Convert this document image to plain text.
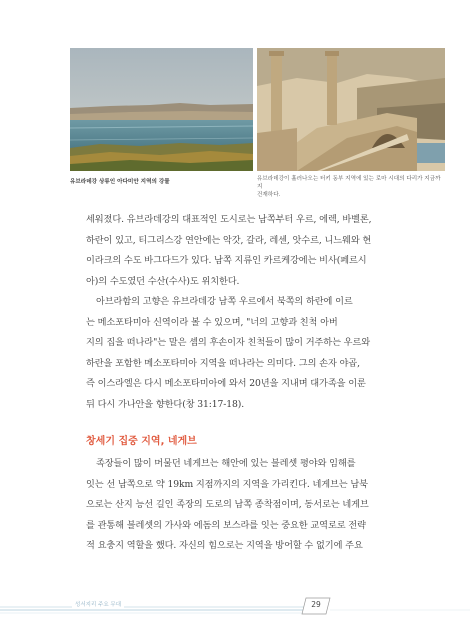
유브라데강 상류인 아다미안 지역의 강물	유브라데강이 흘러나오는 터키 동부 지역에 있는 로마 시대의 다리가 지금까지
건재하다.

세워졌다. 유브라데강의 대표적인 도시로는 남쪽부터 우르, 에렉, 바벨론,
하란이 있고, 티그리스강 연안에는 악갓, 갈라, 레센, 앗수르, 니느웨와 현
이라크의 수도 바그다드가 있다. 남쪽 지류인 카르케강에는 비사(페르시
아)의 수도였던 수산(수사)도 위치한다.

아브라함의 고향은 유브라데강 남쪽 우르에서 북쪽의 하란에 이르
는 메소포타미아 신역이라 볼 수 있으며, "너의 고향과 친척 아버
지의 집을 떠나라"는 말은 셈의 후손이자 친척들이 많이 거주하는 우르와
하란을 포함한 메소포타미아 지역을 떠나라는 의미다. 그의 손자 야곱,
즉 이스라엘은 다시 메소포타미아에 와서 20년을 지내며 대가족을 이룬
뒤 다시 가나안을 향한다(창 31:17-18).

창세기 집중 지역, 네게브

족장들이 많이 머물던 네게브는 해안에 있는 블레셋 평야와 임해를
잇는 선 남쪽으로 약 19km 지점까지의 지역을 가리킨다. 네게브는 남북
으로는 산지 능선 길인 족장의 도로의 남쪽 종착점이며, 동서로는 네게브
를 관통해 블레셋의 가사와 에돔의 보스라를 잇는 중요한 교역로로 전략
적 요충지 역할을 했다. 자신의 힘으로는 지역을 방어할 수 없기에 주요

성서지리 주요 무대	29
